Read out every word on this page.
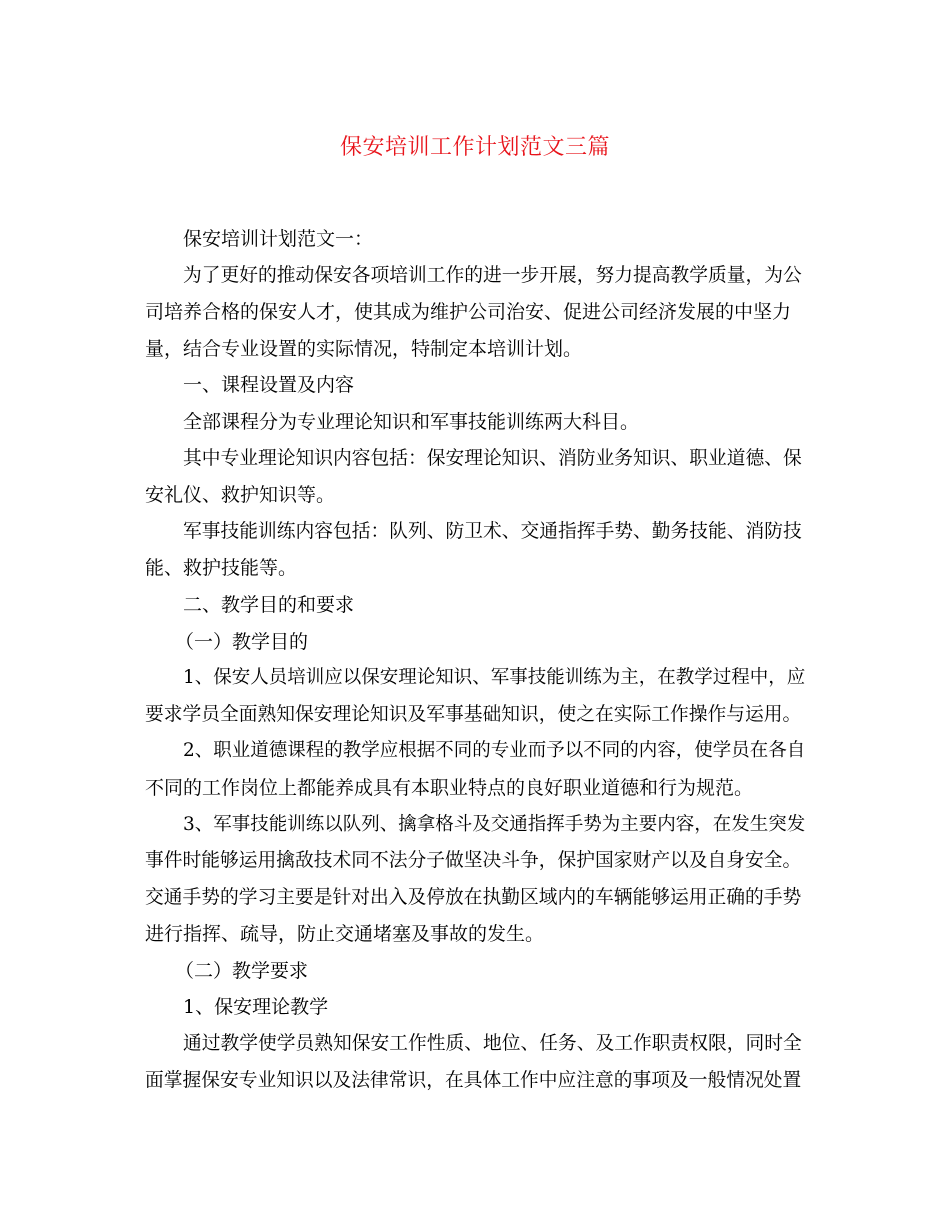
保安培训工作计划范文三篇

保安培训计划范文一：

为了更好的推动保安各项培训工作的进一步开展，努力提高教学质量，为公

司培养合格的保安人才，使其成为维护公司治安、促进公司经济发展的中坚力

量，结合专业设置的实际情况，特制定本培训计划。

一、课程设置及内容

全部课程分为专业理论知识和军事技能训练两大科目。

其中专业理论知识内容包括：保安理论知识、消防业务知识、职业道德、保

安礼仪、救护知识等。

军事技能训练内容包括：队列、防卫术、交通指挥手势、勤务技能、消防技

能、救护技能等。

二、教学目的和要求

（一）教学目的

1、保安人员培训应以保安理论知识、军事技能训练为主，在教学过程中，应

要求学员全面熟知保安理论知识及军事基础知识，使之在实际工作操作与运用。

2、职业道德课程的教学应根据不同的专业而予以不同的内容，使学员在各自

不同的工作岗位上都能养成具有本职业特点的良好职业道德和行为规范。

3、军事技能训练以队列、擒拿格斗及交通指挥手势为主要内容，在发生突发

事件时能够运用擒敌技术同不法分子做坚决斗争，保护国家财产以及自身安全。

交通手势的学习主要是针对出入及停放在执勤区域内的车辆能够运用正确的手势

进行指挥、疏导，防止交通堵塞及事故的发生。

（二）教学要求

1、保安理论教学

通过教学使学员熟知保安工作性质、地位、任务、及工作职责权限，同时全

面掌握保安专业知识以及法律常识，在具体工作中应注意的事项及一般情况处置
